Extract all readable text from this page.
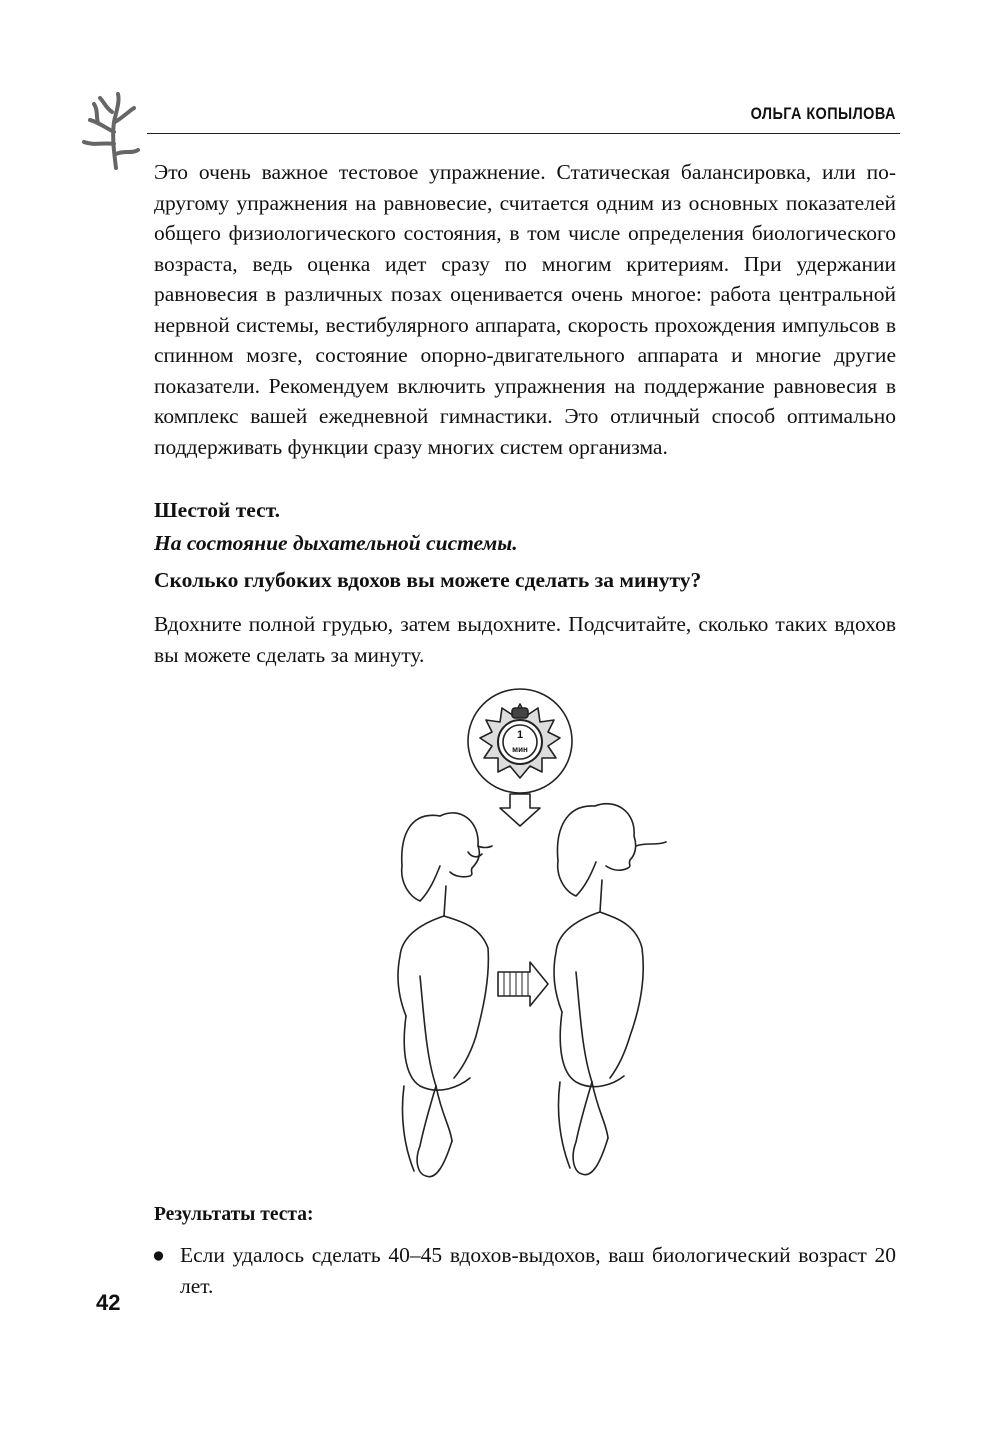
ОЛЬГА КОПЫЛОВА

Это очень важное тестовое упражнение. Статическая балансировка, или по-другому упражнения на равновесие, считается одним из основных показателей общего физиологического состояния, в том числе определения биологического возраста, ведь оценка идет сразу по многим критериям. При удержании равновесия в различных позах оценивается очень многое: работа центральной нервной системы, вестибулярного аппарата, скорость прохождения импульсов в спинном мозге, состояние опорно-двигательного аппарата и многие другие показатели. Рекомендуем включить упражнения на поддержание равновесия в комплекс вашей ежедневной гимнастики. Это отличный способ оптимально поддерживать функции сразу многих систем организма.

Шестой тест.

На состояние дыхательной системы.

Сколько глубоких вдохов вы можете сделать за минуту?

Вдохните полной грудью, затем выдохните. Подсчитайте, сколько таких вдохов вы можете сделать за минуту.

1
мин

Результаты теста:

● Если удалось сделать 40–45 вдохов-выдохов, ваш биологический возраст 20 лет.

42
